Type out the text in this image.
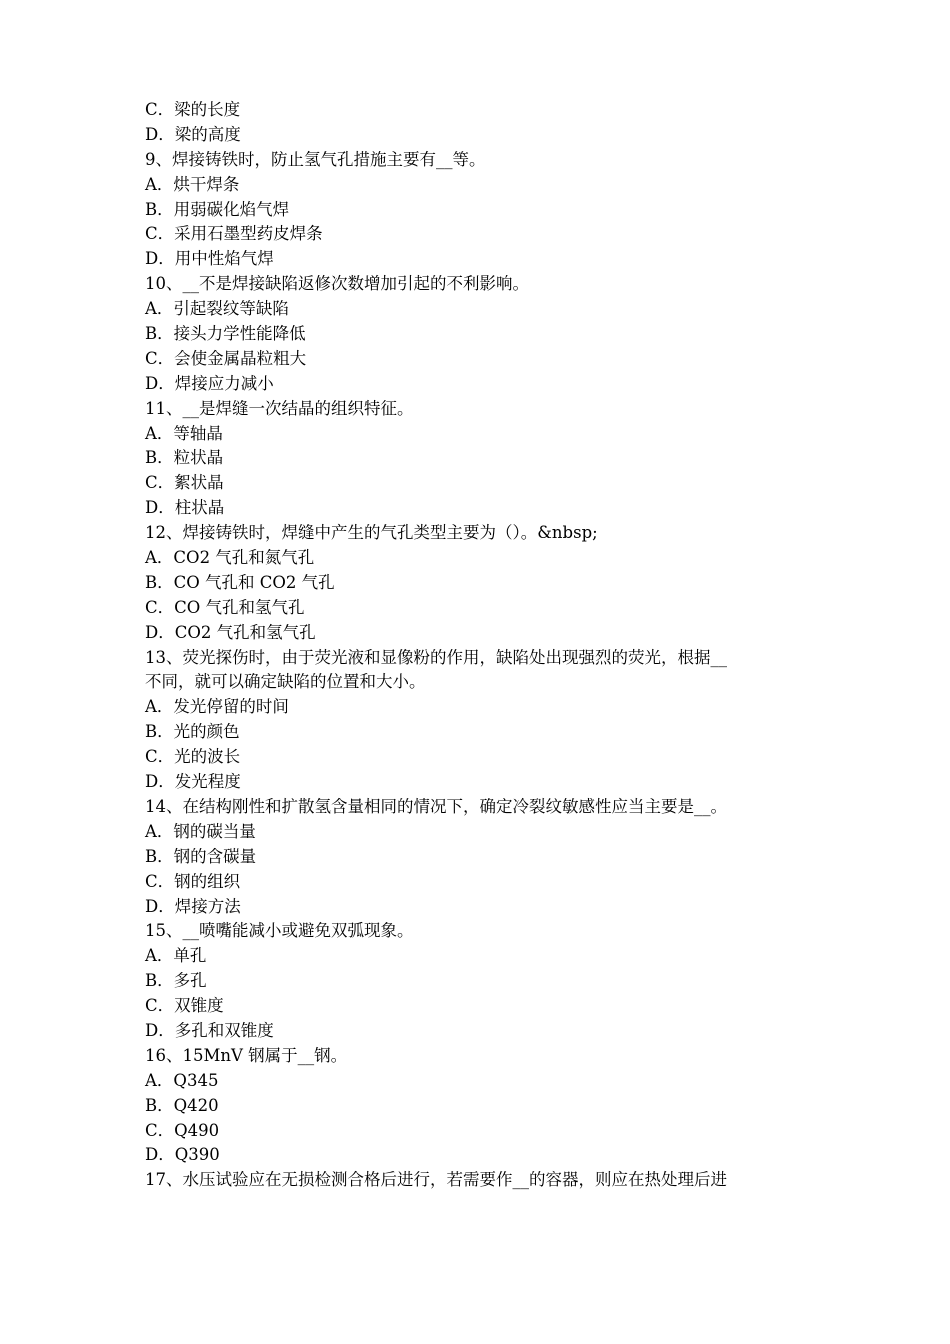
C．梁的长度
D．梁的高度
9、焊接铸铁时，防止氢气孔措施主要有__等。
A．烘干焊条
B．用弱碳化焰气焊
C．采用石墨型药皮焊条
D．用中性焰气焊
10、__不是焊接缺陷返修次数增加引起的不利影响。
A．引起裂纹等缺陷
B．接头力学性能降低
C．会使金属晶粒粗大
D．焊接应力减小
11、__是焊缝一次结晶的组织特征。
A．等轴晶
B．粒状晶
C．絮状晶
D．柱状晶
12、焊接铸铁时，焊缝中产生的气孔类型主要为（）。&nbsp;
A．CO2 气孔和氮气孔
B．CO 气孔和 CO2 气孔
C．CO 气孔和氢气孔
D．CO2 气孔和氢气孔
13、荧光探伤时，由于荧光液和显像粉的作用，缺陷处出现强烈的荧光，根据__
不同，就可以确定缺陷的位置和大小。
A．发光停留的时间
B．光的颜色
C．光的波长
D．发光程度
14、在结构刚性和扩散氢含量相同的情况下，确定冷裂纹敏感性应当主要是__。
A．钢的碳当量
B．钢的含碳量
C．钢的组织
D．焊接方法
15、__喷嘴能减小或避免双弧现象。
A．单孔
B．多孔
C．双锥度
D．多孔和双锥度
16、15MnV 钢属于__钢。
A．Q345
B．Q420
C．Q490
D．Q390
17、水压试验应在无损检测合格后进行，若需要作__的容器，则应在热处理后进
